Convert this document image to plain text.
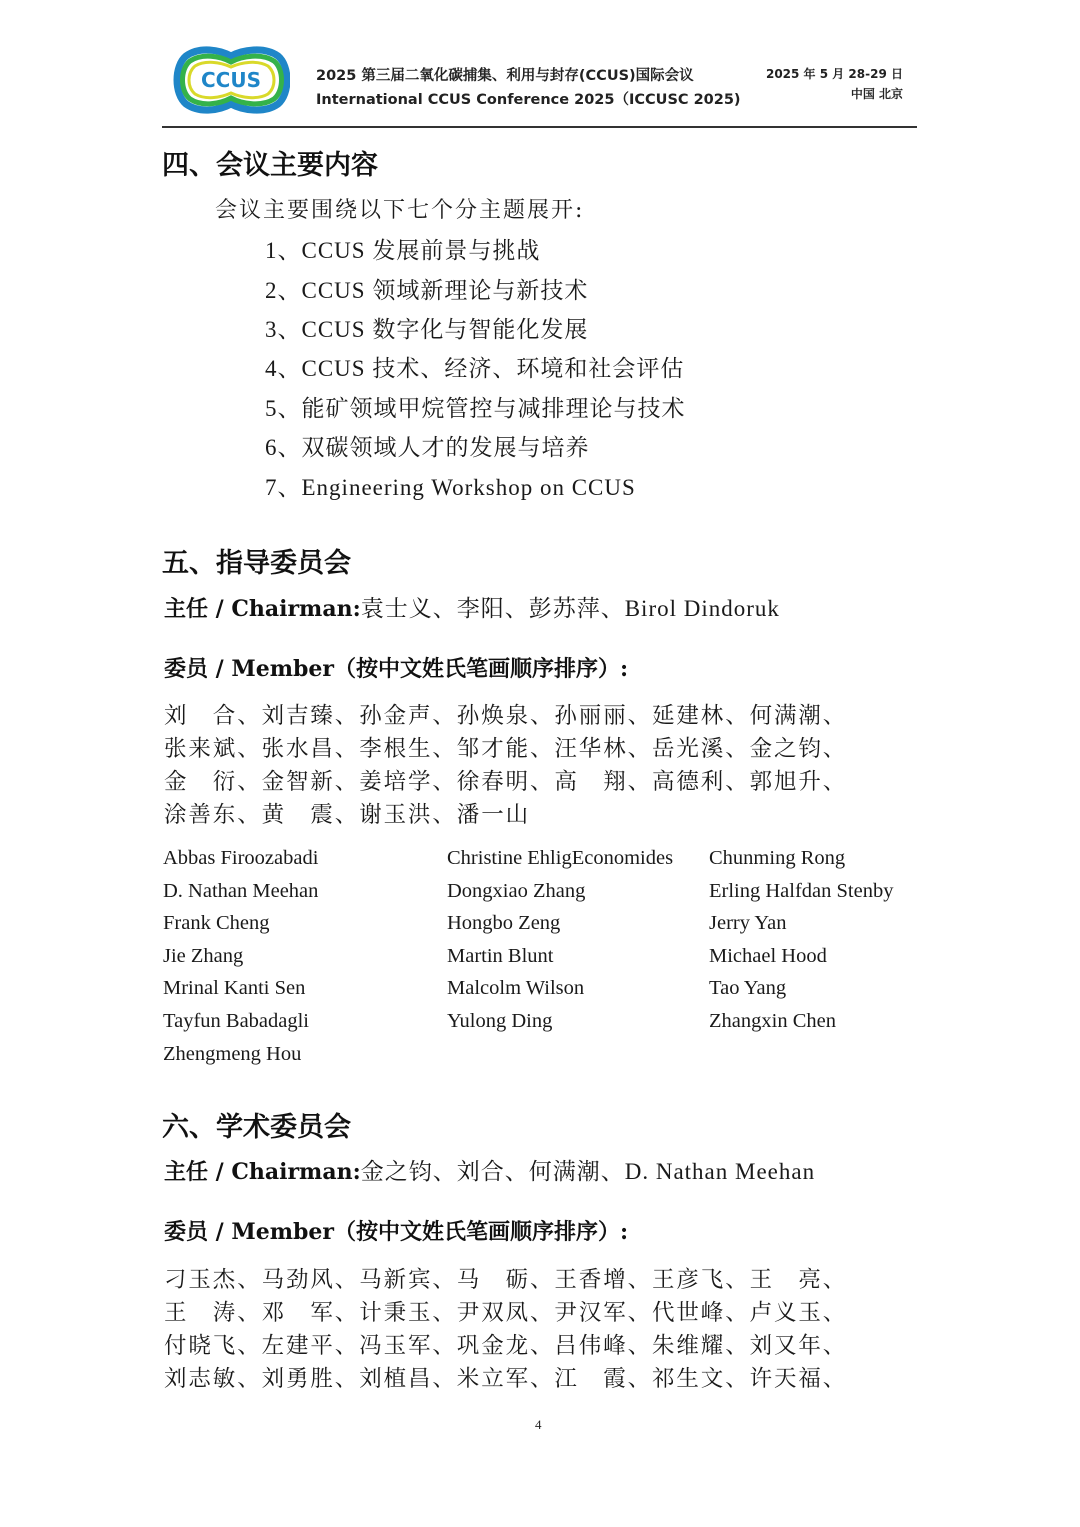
CCUS	2025 第三届二氧化碳捕集、利用与封存(CCUS)国际会议
International CCUS Conference 2025（ICCUSC 2025)
2025 年 5 月 28-29 日
中国 北京
四、会议主要内容
会议主要围绕以下七个分主题展开:
1、CCUS 发展前景与挑战
2、CCUS 领域新理论与新技术
3、CCUS 数字化与智能化发展
4、CCUS 技术、经济、环境和社会评估
5、能矿领域甲烷管控与减排理论与技术
6、双碳领域人才的发展与培养
7、Engineering Workshop on CCUS
五、指导委员会
主任 / Chairman:袁士义、李阳、彭苏萍、Birol Dindoruk
委员 / Member（按中文姓氏笔画顺序排序）:
刘　合、刘吉臻、孙金声、孙焕泉、孙丽丽、延建林、何满潮、
张来斌、张水昌、李根生、邹才能、汪华林、岳光溪、金之钧、
金　衍、金智新、姜培学、徐春明、高　翔、高德利、郭旭升、
涂善东、黄　震、谢玉洪、潘一山
Abbas Firoozabadi
D. Nathan Meehan
Frank Cheng
Jie Zhang
Mrinal Kanti Sen
Tayfun Babadagli
Zhengmeng Hou
Christine EhligEconomides
Dongxiao Zhang
Hongbo Zeng
Martin Blunt
Malcolm Wilson
Yulong Ding
Chunming Rong
Erling Halfdan Stenby
Jerry Yan
Michael Hood
Tao Yang
Zhangxin Chen
六、学术委员会
主任 / Chairman:金之钧、刘合、何满潮、D. Nathan Meehan
委员 / Member（按中文姓氏笔画顺序排序）:
刁玉杰、马劲风、马新宾、马　砺、王香增、王彦飞、王　亮、
王　涛、邓　军、计秉玉、尹双凤、尹汉军、代世峰、卢义玉、
付晓飞、左建平、冯玉军、巩金龙、吕伟峰、朱维耀、刘又年、
刘志敏、刘勇胜、刘植昌、米立军、江　霞、祁生文、许天福、
4
